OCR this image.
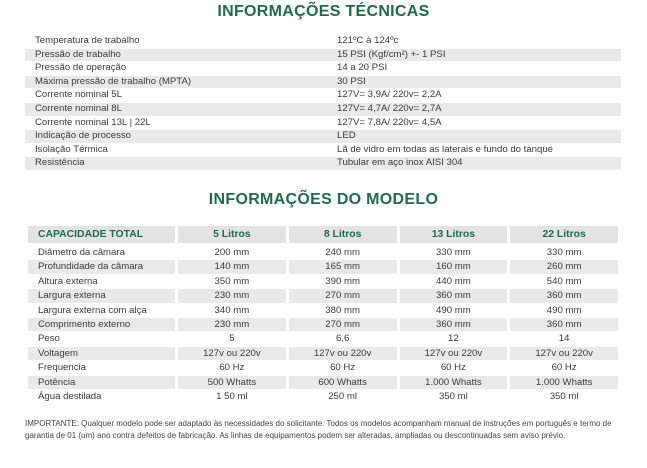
INFORMAÇÕES TÉCNICAS
Temperatura de trabalho	121ºC à 124ºc
Pressão de trabalho	15 PSI (Kgf/cm²) +- 1 PSI
Pressão de operação	14 a 20 PSI
Máxima pressão de trabalho (MPTA)	30 PSI
Corrente nominal 5L	127V= 3,9A/ 220v= 2,2A
Corrente nominal 8L	127V= 4,7A/ 220v= 2,7A
Corrente nominal 13L | 22L	127V= 7,8A/ 220v= 4,5A
Indicação de processo	LED
Isolação Térmica	Lã de vidro em todas as laterais e fundo do tanque
Resistência	Tubular em aço inox AISI 304
INFORMAÇÕES DO MODELO
CAPACIDADE TOTAL	5 Litros	8 Litros	13 Litros	22 Litros
Diâmetro da câmara	200 mm	240 mm	330 mm	330 mm
Profundidade da câmara	140 mm	165 mm	160 mm	260 mm
Altura externa	350 mm	390 mm	440 mm	540 mm
Largura externa	230 mm	270 mm	360 mm	360 mm
Largura externa com alça	340 mm	380 mm	490 mm	490 mm
Comprimento externo	230 mm	270 mm	360 mm	360 mm
Peso	5	6,6	12	14
Voltagem	127v ou 220v	127v ou 220v	127v ou 220v	127v ou 220v
Frequencia	60 Hz	60 Hz	60 Hz	60 Hz
Potência	500 Whatts	600 Whatts	1.000 Whatts	1.000 Whatts
Água destilada	1 50 ml	250 ml	350 ml	350 ml
IMPORTANTE: Qualquer modelo pode ser adaptado às necessidades do solicitante. Todos os modelos acompanham manual de instruções em português e termo de garantia de 01 (um) ano contra defeitos de fabricação. As linhas de equipamentos podem ser alteradas, ampliadas ou descontinuadas sem aviso prévio.
